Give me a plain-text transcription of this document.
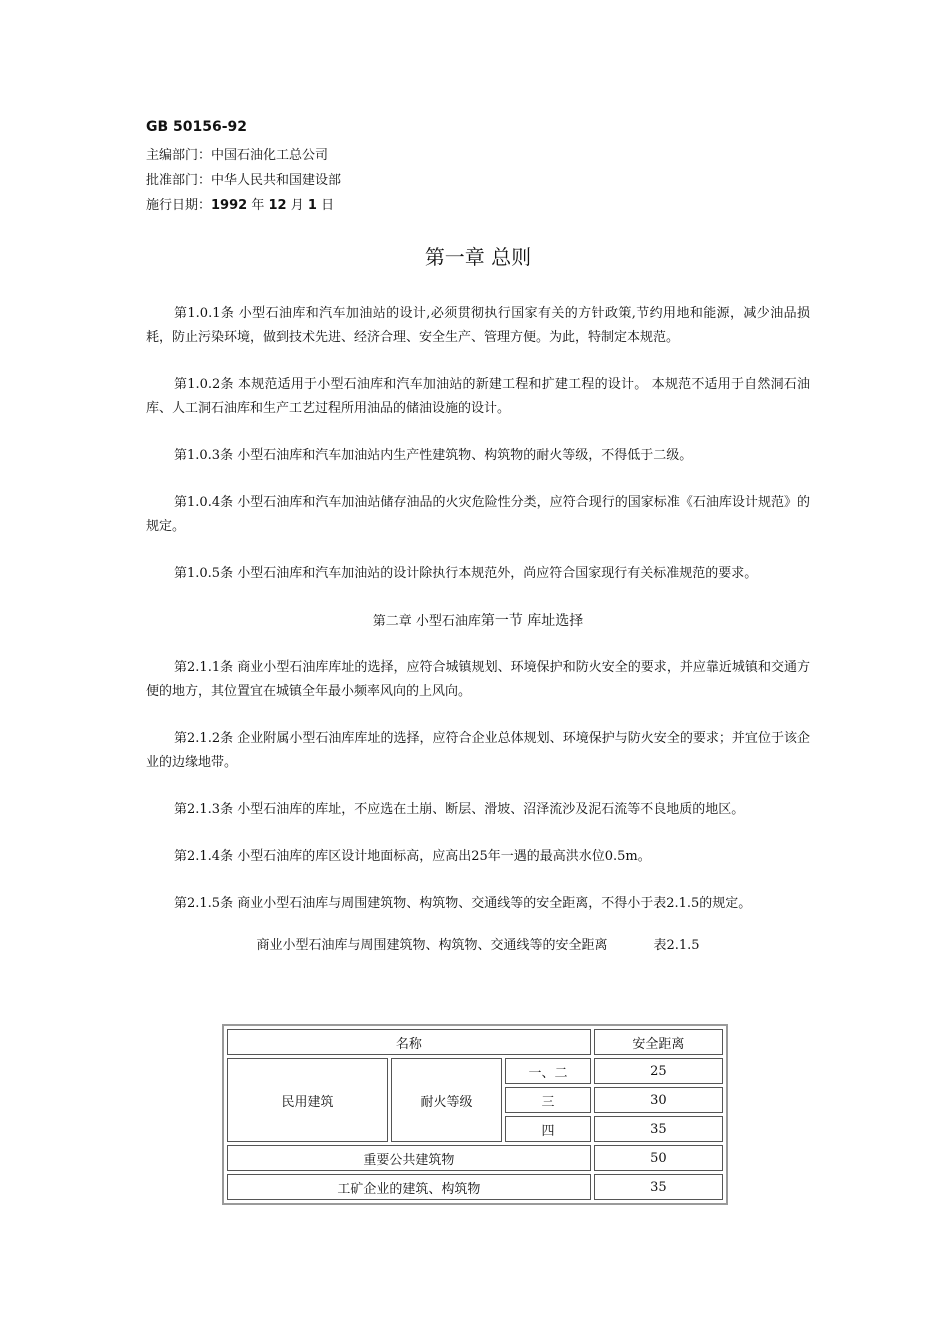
GB 50156-92

主编部门：中国石油化工总公司

批准部门：中华人民共和国建设部

施行日期：1992 年 12 月 1 日

第一章 总则

第1.0.1条 小型石油库和汽车加油站的设计,必须贯彻执行国家有关的方针政策,节约用地和能源，减少油品损耗，防止污染环境，做到技术先进、经济合理、安全生产、管理方便。为此，特制定本规范。

第1.0.2条 本规范适用于小型石油库和汽车加油站的新建工程和扩建工程的设计。 本规范不适用于自然洞石油库、人工洞石油库和生产工艺过程所用油品的储油设施的设计。

第1.0.3条 小型石油库和汽车加油站内生产性建筑物、构筑物的耐火等级，不得低于二级。

第1.0.4条 小型石油库和汽车加油站储存油品的火灾危险性分类，应符合现行的国家标准《石油库设计规范》的规定。

第1.0.5条 小型石油库和汽车加油站的设计除执行本规范外，尚应符合国家现行有关标准规范的要求。

第二章 小型石油库第一节 库址选择

第2.1.1条 商业小型石油库库址的选择，应符合城镇规划、环境保护和防火安全的要求，并应靠近城镇和交通方便的地方，其位置宜在城镇全年最小频率风向的上风向。

第2.1.2条 企业附属小型石油库库址的选择，应符合企业总体规划、环境保护与防火安全的要求；并宜位于该企业的边缘地带。

第2.1.3条 小型石油库的库址，不应选在土崩、断层、滑坡、沼泽流沙及泥石流等不良地质的地区。

第2.1.4条 小型石油库的库区设计地面标高，应高出25年一遇的最高洪水位0.5m。

第2.1.5条 商业小型石油库与周围建筑物、构筑物、交通线等的安全距离，不得小于表2.1.5的规定。

商业小型石油库与周围建筑物、构筑物、交通线等的安全距离	表2.1.5

名称			安全距离
民用建筑	耐火等级	一、二	25
		三	30
		四	35
重要公共建筑物			50
工矿企业的建筑、构筑物			35
